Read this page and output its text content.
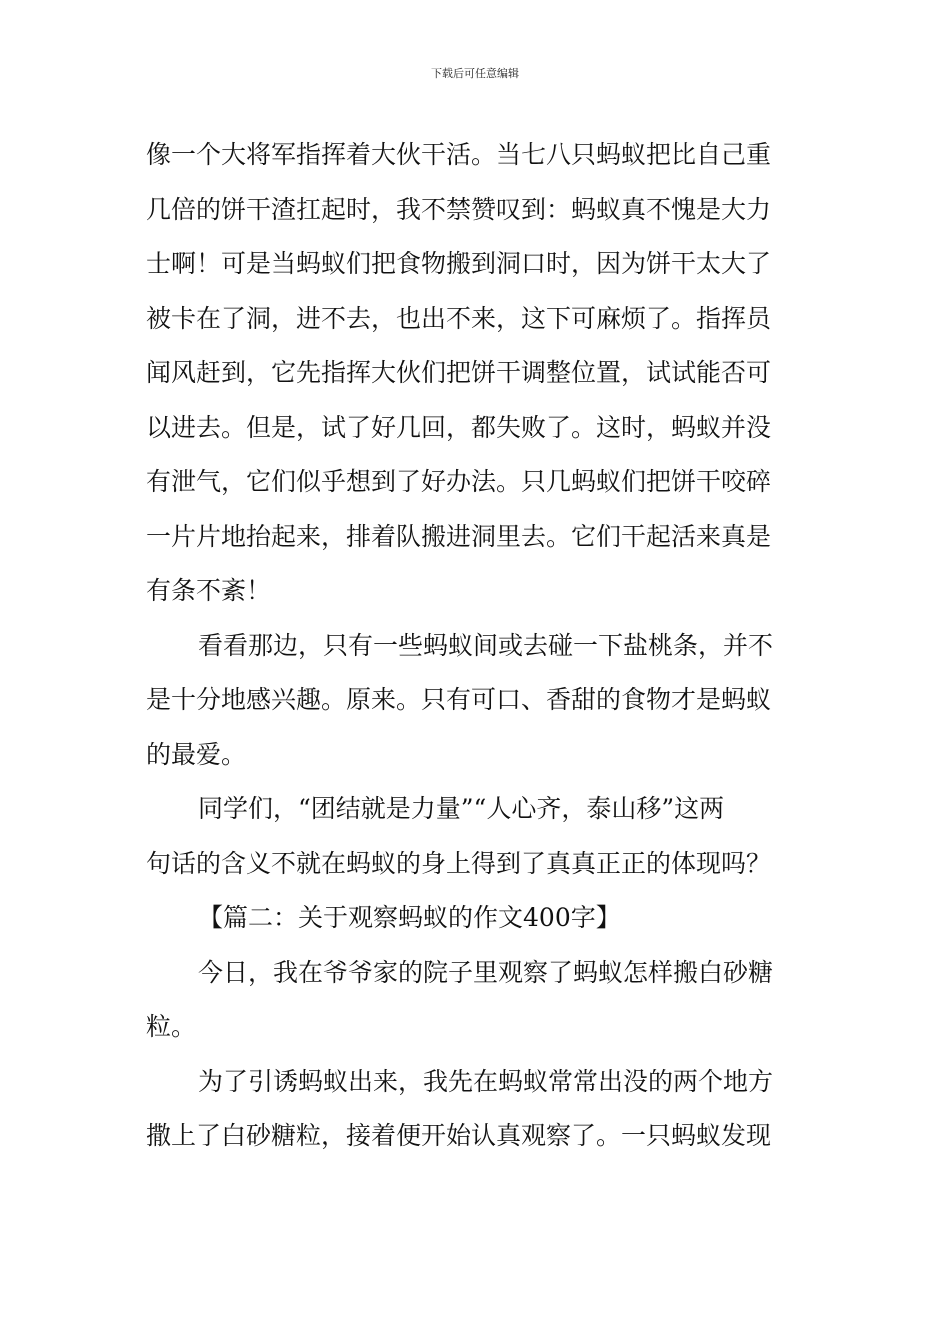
下载后可任意编辑
像一个大将军指挥着大伙干活。当七八只蚂蚁把比自己重
几倍的饼干渣扛起时，我不禁赞叹到：蚂蚁真不愧是大力
士啊！可是当蚂蚁们把食物搬到洞口时，因为饼干太大了
被卡在了洞，进不去，也出不来，这下可麻烦了。指挥员
闻风赶到，它先指挥大伙们把饼干调整位置，试试能否可
以进去。但是，试了好几回，都失败了。这时，蚂蚁并没
有泄气，它们似乎想到了好办法。只几蚂蚁们把饼干咬碎
一片片地抬起来，排着队搬进洞里去。它们干起活来真是
有条不紊！
看看那边，只有一些蚂蚁间或去碰一下盐桃条，并不
是十分地感兴趣。原来。只有可口、香甜的食物才是蚂蚁
的最爱。
同学们，“团结就是力量”“人心齐，泰山移”这两
句话的含义不就在蚂蚁的身上得到了真真正正的体现吗？
【篇二：关于观察蚂蚁的作文400字】
今日，我在爷爷家的院子里观察了蚂蚁怎样搬白砂糖
粒。
为了引诱蚂蚁出来，我先在蚂蚁常常出没的两个地方
撒上了白砂糖粒，接着便开始认真观察了。一只蚂蚁发现
